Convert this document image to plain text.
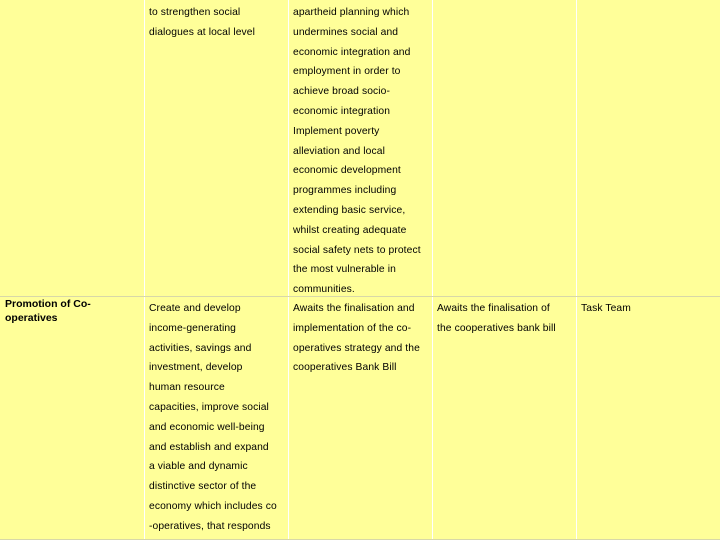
to strengthen social
dialogues at local level
apartheid planning which
undermines social and
economic integration and
employment in order to
achieve broad socio-
economic integration
Implement poverty
alleviation and local
economic development
programmes including
extending basic service,
whilst creating adequate
social safety nets to protect
the most vulnerable in
communities.
Promotion of Co-
operatives
Create and develop
income-generating
activities, savings and
investment, develop
human resource
capacities, improve social
and economic well-being
and establish and expand
a viable and dynamic
distinctive sector of the
economy which includes co
-operatives, that responds
Awaits the finalisation and
implementation of the co-
operatives strategy and the
cooperatives Bank Bill
Awaits the finalisation of
the cooperatives bank bill
Task Team
